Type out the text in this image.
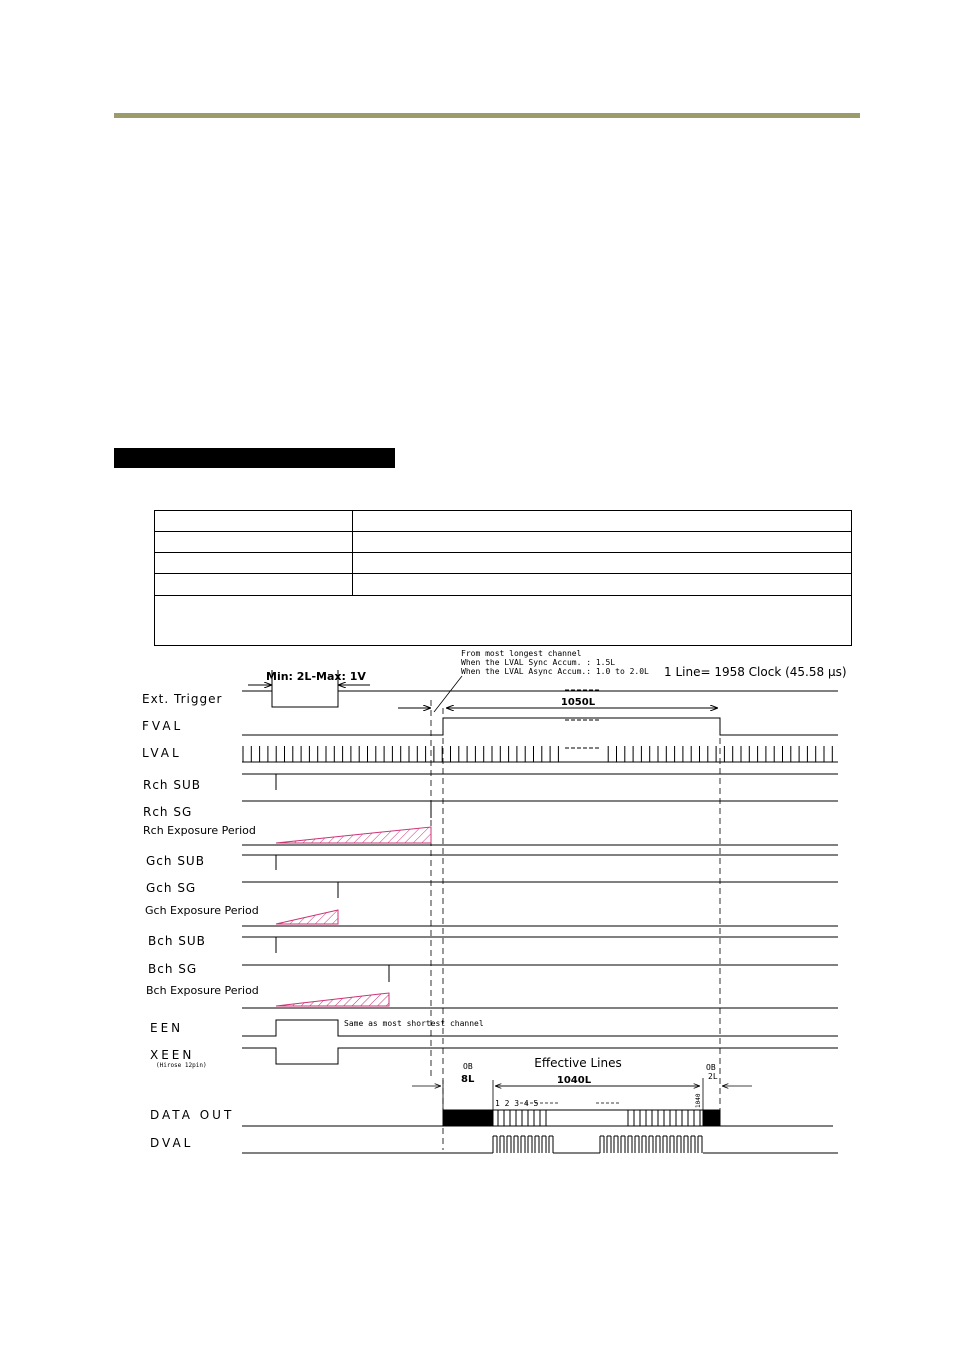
Ext. Trigger
FVAL
LVAL
Rch SUB
Rch SG
Rch Exposure Period
Gch SUB
Gch SG
Gch Exposure Period
Bch SUB
Bch SG
Bch Exposure Period
EEN
XEEN
(Hirose 12pin)
DATA OUT
DVAL
Min: 2L-Max: 1V
From most longest channel
When the LVAL Sync Accum. : 1.5L
When the LVAL Async Accum.: 1.0 to 2.0L 1 Line= 1958 Clock (45.58 µs)
1050L
Same as most shortest channel
OB
8L
Effective Lines
1040L
OB
2L
1 2 3 4 5	1040
